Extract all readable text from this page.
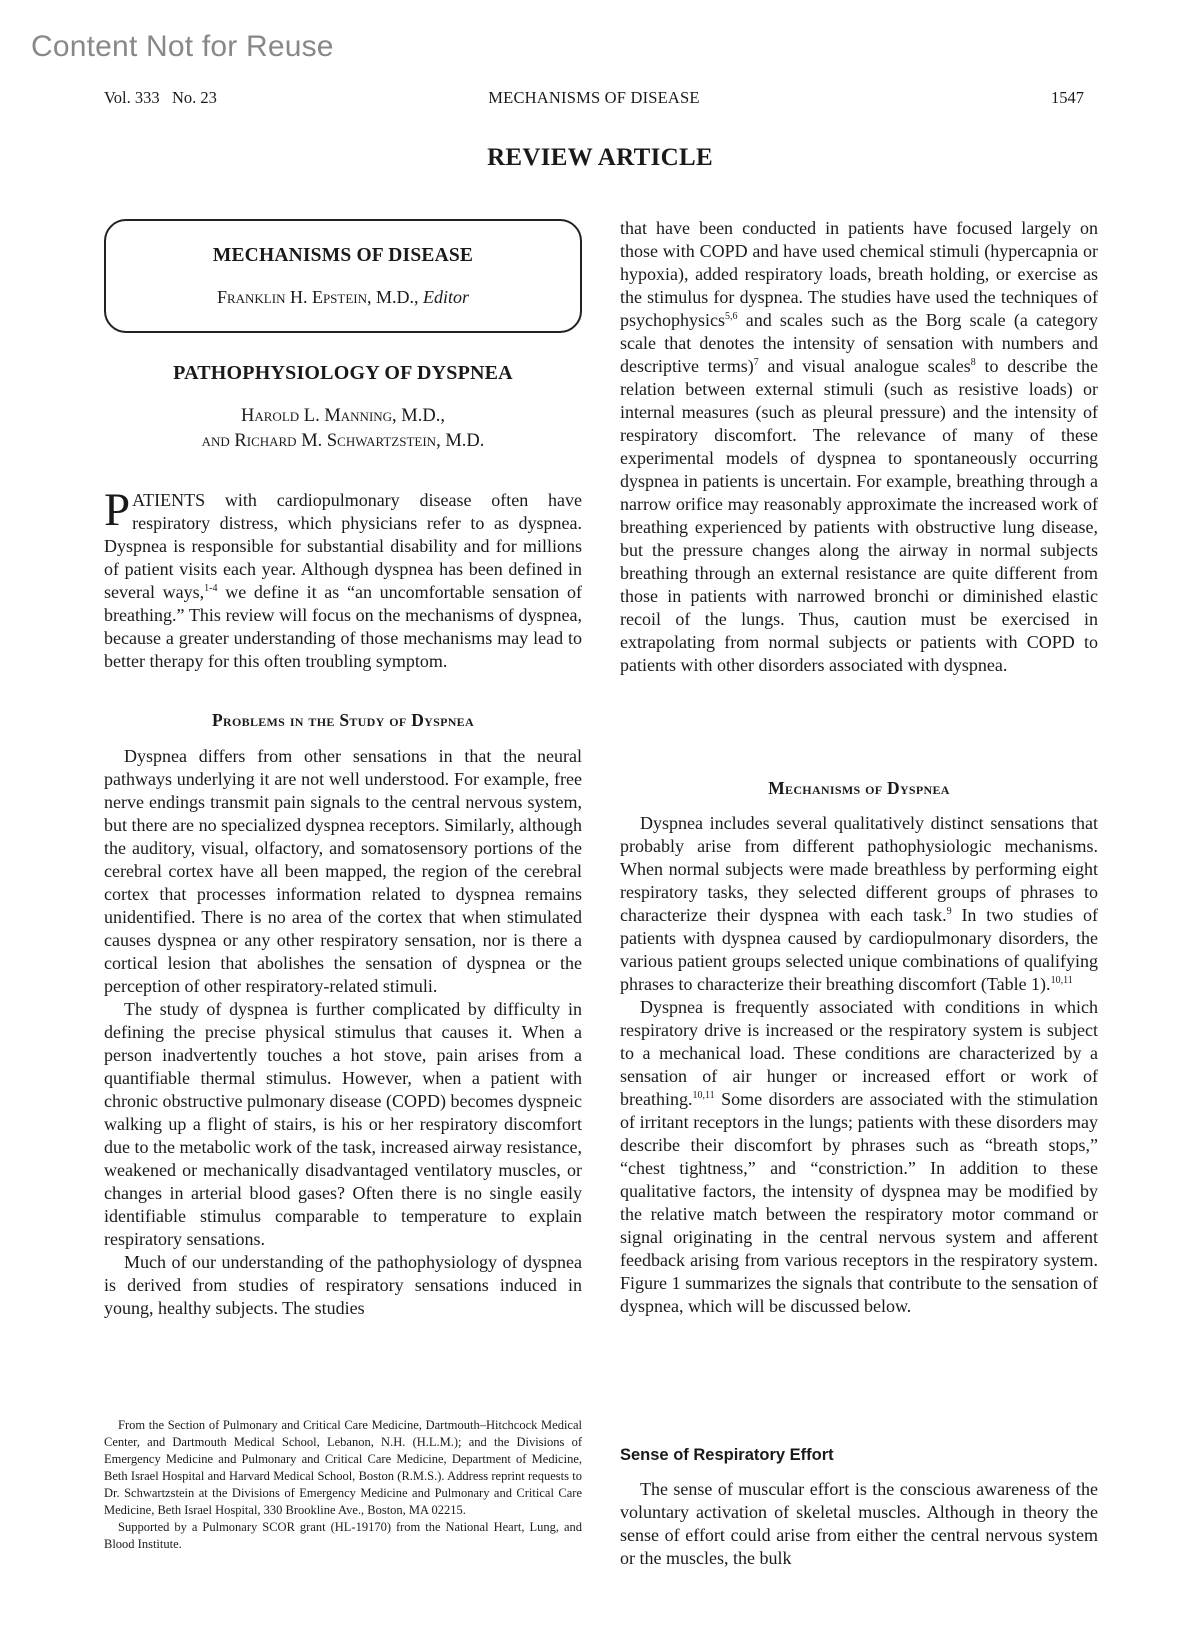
Content Not for Reuse
Vol. 333   No. 23	MECHANISMS OF DISEASE	1547
REVIEW ARTICLE
MECHANISMS OF DISEASE
Franklin H. Epstein, M.D., Editor
PATHOPHYSIOLOGY OF DYSPNEA
Harold L. Manning, M.D.,
and Richard M. Schwartzstein, M.D.

PATIENTS with cardiopulmonary disease often have respiratory distress, which physicians refer to as dyspnea. Dyspnea is responsible for substantial disability and for millions of patient visits each year. Although dyspnea has been defined in several ways,$^{1-4}$ we define it as “an uncomfortable sensation of breathing.” This review will focus on the mechanisms of dyspnea, because a greater understanding of those mechanisms may lead to better therapy for this often troubling symptom.

Problems in the Study of Dyspnea

Dyspnea differs from other sensations in that the neural pathways underlying it are not well understood. For example, free nerve endings transmit pain signals to the central nervous system, but there are no specialized dyspnea receptors. Similarly, although the auditory, visual, olfactory, and somatosensory portions of the cerebral cortex have all been mapped, the region of the cerebral cortex that processes information related to dyspnea remains unidentified. There is no area of the cortex that when stimulated causes dyspnea or any other respiratory sensation, nor is there a cortical lesion that abolishes the sensation of dyspnea or the perception of other respiratory-related stimuli.

The study of dyspnea is further complicated by difficulty in defining the precise physical stimulus that causes it. When a person inadvertently touches a hot stove, pain arises from a quantifiable thermal stimulus. However, when a patient with chronic obstructive pulmonary disease (COPD) becomes dyspneic walking up a flight of stairs, is his or her respiratory discomfort due to the metabolic work of the task, increased airway resistance, weakened or mechanically disadvantaged ventilatory muscles, or changes in arterial blood gases? Often there is no single easily identifiable stimulus comparable to temperature to explain respiratory sensations.

Much of our understanding of the pathophysiology of dyspnea is derived from studies of respiratory sensations induced in young, healthy subjects. The studies

From the Section of Pulmonary and Critical Care Medicine, Dartmouth–Hitchcock Medical Center, and Dartmouth Medical School, Lebanon, N.H. (H.L.M.); and the Divisions of Emergency Medicine and Pulmonary and Critical Care Medicine, Department of Medicine, Beth Israel Hospital and Harvard Medical School, Boston (R.M.S.). Address reprint requests to Dr. Schwartzstein at the Divisions of Emergency Medicine and Pulmonary and Critical Care Medicine, Beth Israel Hospital, 330 Brookline Ave., Boston, MA 02215.

Supported by a Pulmonary SCOR grant (HL-19170) from the National Heart, Lung, and Blood Institute.

that have been conducted in patients have focused largely on those with COPD and have used chemical stimuli (hypercapnia or hypoxia), added respiratory loads, breath holding, or exercise as the stimulus for dyspnea. The studies have used the techniques of psychophysics$^{5,6}$ and scales such as the Borg scale (a category scale that denotes the intensity of sensation with numbers and descriptive terms)$^7$ and visual analogue scales$^8$ to describe the relation between external stimuli (such as resistive loads) or internal measures (such as pleural pressure) and the intensity of respiratory discomfort. The relevance of many of these experimental models of dyspnea to spontaneously occurring dyspnea in patients is uncertain. For example, breathing through a narrow orifice may reasonably approximate the increased work of breathing experienced by patients with obstructive lung disease, but the pressure changes along the airway in normal subjects breathing through an external resistance are quite different from those in patients with narrowed bronchi or diminished elastic recoil of the lungs. Thus, caution must be exercised in extrapolating from normal subjects or patients with COPD to patients with other disorders associated with dyspnea.

Mechanisms of Dyspnea

Dyspnea includes several qualitatively distinct sensations that probably arise from different pathophysiologic mechanisms. When normal subjects were made breathless by performing eight respiratory tasks, they selected different groups of phrases to characterize their dyspnea with each task.$^9$ In two studies of patients with dyspnea caused by cardiopulmonary disorders, the various patient groups selected unique combinations of qualifying phrases to characterize their breathing discomfort (Table 1).$^{10,11}$

Dyspnea is frequently associated with conditions in which respiratory drive is increased or the respiratory system is subject to a mechanical load. These conditions are characterized by a sensation of air hunger or increased effort or work of breathing.$^{10,11}$ Some disorders are associated with the stimulation of irritant receptors in the lungs; patients with these disorders may describe their discomfort by phrases such as “breath stops,” “chest tightness,” and “constriction.” In addition to these qualitative factors, the intensity of dyspnea may be modified by the relative match between the respiratory motor command or signal originating in the central nervous system and afferent feedback arising from various receptors in the respiratory system. Figure 1 summarizes the signals that contribute to the sensation of dyspnea, which will be discussed below.

Sense of Respiratory Effort

The sense of muscular effort is the conscious awareness of the voluntary activation of skeletal muscles. Although in theory the sense of effort could arise from either the central nervous system or the muscles, the bulk
